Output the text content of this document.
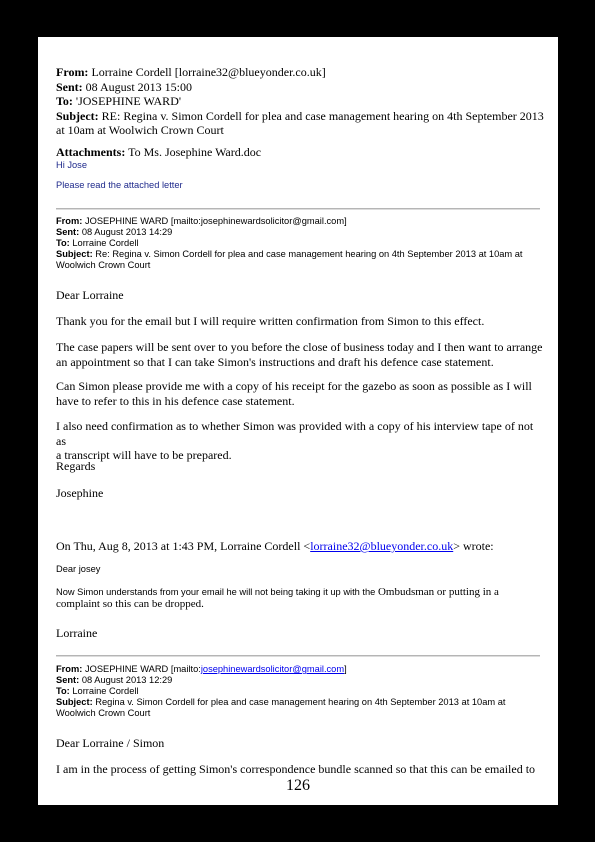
From: Lorraine Cordell [lorraine32@blueyonder.co.uk]
Sent: 08 August 2013 15:00
To: 'JOSEPHINE WARD'
Subject: RE: Regina v. Simon Cordell for plea and case management hearing on 4th September 2013
at 10am at Woolwich Crown Court
Attachments: To Ms. Josephine Ward.doc
Hi Jose
Please read the attached letter
From: JOSEPHINE WARD [mailto:josephinewardsolicitor@gmail.com]
Sent: 08 August 2013 14:29
To: Lorraine Cordell
Subject: Re: Regina v. Simon Cordell for plea and case management hearing on 4th September 2013 at 10am at
Woolwich Crown Court
Dear Lorraine
Thank you for the email but I will require written confirmation from Simon to this effect.
The case papers will be sent over to you before the close of business today and I then want to arrange
an appointment so that I can take Simon's instructions and draft his defence case statement.
Can Simon please provide me with a copy of his receipt for the gazebo as soon as possible as I will
have to refer to this in his defence case statement.
I also need confirmation as to whether Simon was provided with a copy of his interview tape of not as
a transcript will have to be prepared.
Regards
Josephine
On Thu, Aug 8, 2013 at 1:43 PM, Lorraine Cordell <lorraine32@blueyonder.co.uk> wrote:
Dear josey
Now Simon understands from your email he will not being taking it up with the Ombudsman or putting in a
complaint so this can be dropped.
Lorraine
From: JOSEPHINE WARD [mailto:josephinewardsolicitor@gmail.com]
Sent: 08 August 2013 12:29
To: Lorraine Cordell
Subject: Regina v. Simon Cordell for plea and case management hearing on 4th September 2013 at 10am at
Woolwich Crown Court
Dear Lorraine / Simon
I am in the process of getting Simon's correspondence bundle scanned so that this can be emailed to
126
